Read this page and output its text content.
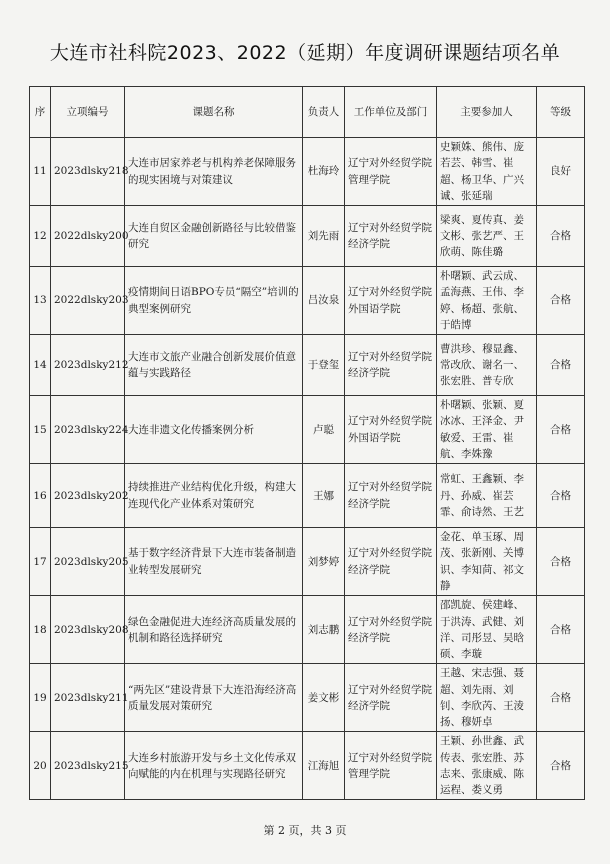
大连市社科院2023、2022（延期）年度调研课题结项名单
序	立项编号	课题名称	负责人	工作单位及部门	主要参加人	等级
11	2023dlsky218	大连市居家养老与机构养老保障服务的现实困境与对策建议	杜海玲	辽宁对外经贸学院管理学院	史颖姝、熊伟、庞若芸、韩雪、崔超、杨卫华、广兴诚、张延瑞	良好
12	2022dlsky200	大连自贸区金融创新路径与比较借鉴研究	刘先雨	辽宁对外经贸学院经济学院	梁爽、夏传真、姜文彬、张艺严、王欣萌、陈佳璐	合格
13	2022dlsky203	疫情期间日语BPO专员“隔空”培训的典型案例研究	吕汝泉	辽宁对外经贸学院外国语学院	朴曙颖、武云成、孟海燕、王伟、李婷、杨超、张航、于皓博	合格
14	2023dlsky212	大连市文旅产业融合创新发展价值意蕴与实践路径	于登玺	辽宁对外经贸学院经济学院	曹洪珍、穆显鑫、常改欣、谢名一、张宏胜、普专欣	合格
15	2023dlsky224	大连非遗文化传播案例分析	卢聪	辽宁对外经贸学院外国语学院	朴曙颖、张颖、夏冰冰、王泽金、尹敏爱、王雷、崔航、李姝豫	合格
16	2023dlsky202	持续推进产业结构优化升级，构建大连现代化产业体系对策研究	王娜	辽宁对外经贸学院经济学院	常虹、王鑫颖、李丹、孙威、崔芸霏、俞诗然、王艺	合格
17	2023dlsky205	基于数字经济背景下大连市装备制造业转型发展研究	刘梦婷	辽宁对外经贸学院经济学院	金花、单玉琢、周茂、张新刚、关博识、李知苘、祁文静	合格
18	2023dlsky208	绿色金融促进大连经济高质量发展的机制和路径选择研究	刘志鹏	辽宁对外经贸学院经济学院	邵凯旋、侯建峰、于洪涛、武健、刘洋、司彤昱、吴晗硕、李璇	合格
19	2023dlsky211	“两先区”建设背景下大连沿海经济高质量发展对策研究	姜文彬	辽宁对外经贸学院经济学院	王越、宋志强、聂超、刘先雨、刘钊、李欣芮、王淩扬、穆妍卓	合格
20	2023dlsky215	大连乡村旅游开发与乡土文化传承双向赋能的内在机理与实现路径研究	江海旭	辽宁对外经贸学院管理学院	王颖、孙世鑫、武传表、张宏胜、苏志来、张康威、陈运程、娄义勇	合格
第 2 页，共 3 页
